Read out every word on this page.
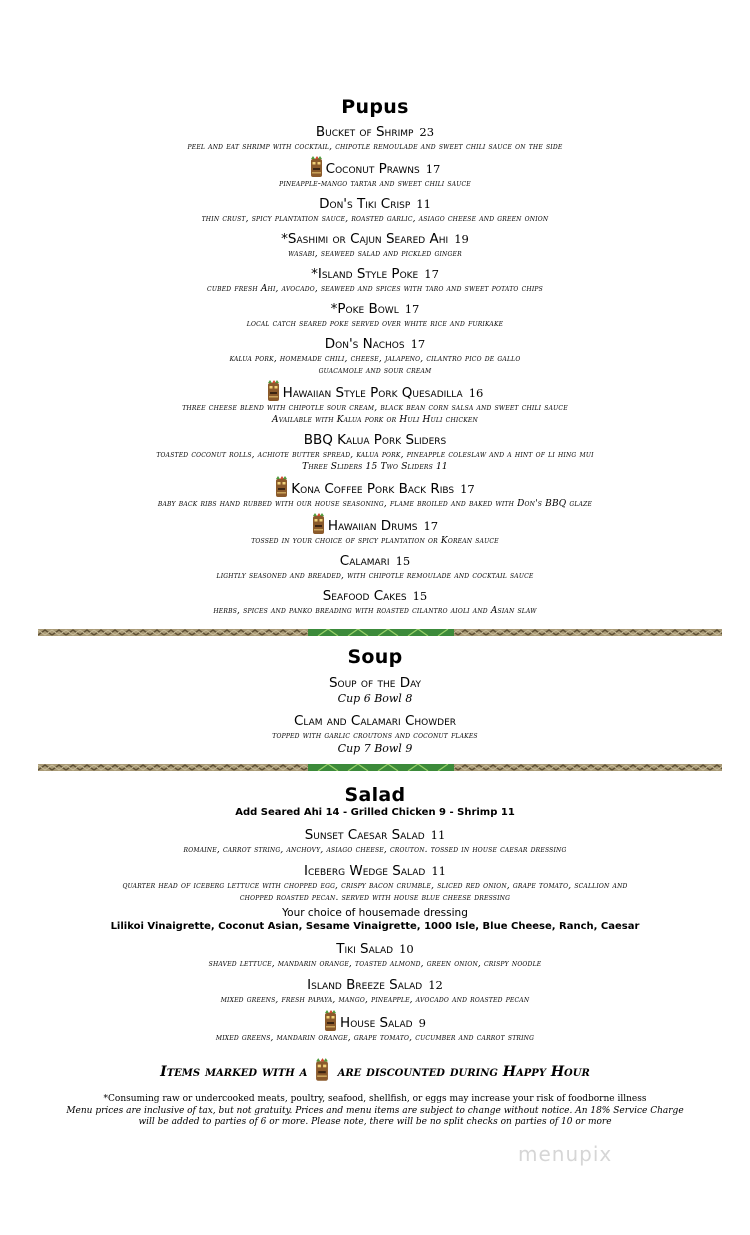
Pupus
Bucket of Shrimp 23
peel and eat shrimp with cocktail, chipotle remoulade and sweet chili sauce on the side
Coconut Prawns 17
pineapple-mango tartar and sweet chili sauce
Don's Tiki Crisp 11
thin crust, spicy plantation sauce, roasted garlic, asiago cheese and green onion
*Sashimi or Cajun Seared Ahi 19
wasabi, seaweed salad and pickled ginger
*Island Style Poke 17
cubed fresh Ahi, avocado, seaweed and spices with taro and sweet potato chips
*Poke Bowl 17
local catch seared poke served over white rice and furikake
Don's Nachos 17
kalua pork, homemade chili, cheese, jalapeno, cilantro pico de gallo
guacamole and sour cream
Hawaiian Style Pork Quesadilla 16
three cheese blend with chipotle sour cream, black bean corn salsa and sweet chili sauce
Available with Kalua pork or Huli Huli chicken
BBQ Kalua Pork Sliders
toasted coconut rolls, achiote butter spread, kalua pork, pineapple coleslaw and a hint of li hing mui
Three Sliders 15 Two Sliders 11
Kona Coffee Pork Back Ribs 17
baby back ribs hand rubbed with our house seasoning, flame broiled and baked with Don's BBQ glaze
Hawaiian Drums 17
tossed in your choice of spicy plantation or Korean sauce
Calamari 15
lightly seasoned and breaded, with chipotle remoulade and cocktail sauce
Seafood Cakes 15
herbs, spices and panko breading with roasted cilantro aioli and Asian slaw
Soup
Soup of the Day
Cup 6 Bowl 8
Clam and Calamari Chowder
topped with garlic croutons and coconut flakes
Cup 7 Bowl 9
Salad
Add Seared Ahi 14 - Grilled Chicken 9 - Shrimp 11
Sunset Caesar Salad 11
romaine, carrot string, anchovy, asiago cheese, crouton. tossed in house caesar dressing
Iceberg Wedge Salad 11
quarter head of iceberg lettuce with chopped egg, crispy bacon crumble, sliced red onion, grape tomato, scallion and
chopped roasted pecan. served with house blue cheese dressing
Your choice of housemade dressing
Lilikoi Vinaigrette, Coconut Asian, Sesame Vinaigrette, 1000 Isle, Blue Cheese, Ranch, Caesar
Tiki Salad 10
shaved lettuce, mandarin orange, toasted almond, green onion, crispy noodle
Island Breeze Salad 12
mixed greens, fresh papaya, mango, pineapple, avocado and roasted pecan
House Salad 9
mixed greens, mandarin orange, grape tomato, cucumber and carrot string
Items marked with a are discounted during Happy Hour
*Consuming raw or undercooked meats, poultry, seafood, shellfish, or eggs may increase your risk of foodborne illness
Menu prices are inclusive of tax, but not gratuity. Prices and menu items are subject to change without notice. An 18% Service Charge
will be added to parties of 6 or more. Please note, there will be no split checks on parties of 10 or more
menupix
